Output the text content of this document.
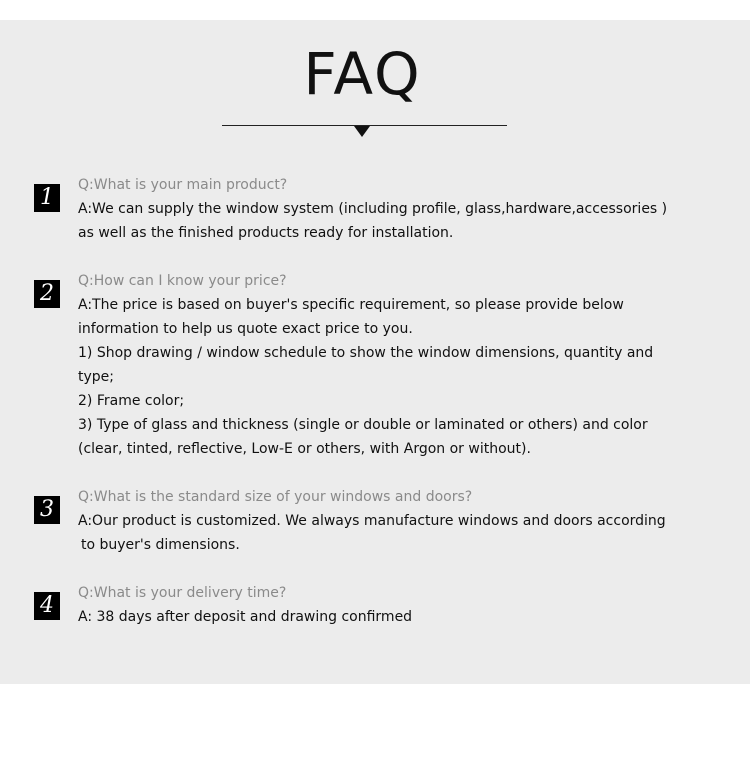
FAQ
1	Q:What is your main product?
A:We can supply the window system (including profile, glass,hardware,accessories )
as well as the finished products ready for installation.
2	Q:How can I know your price?
A:The price is based on buyer's specific requirement, so please provide below
information to help us quote exact price to you.
1) Shop drawing / window schedule to show the window dimensions, quantity and
type;
2) Frame color;
3) Type of glass and thickness (single or double or laminated or others) and color
(clear, tinted, reflective, Low-E or others, with Argon or without).
3	Q:What is the standard size of your windows and doors?
A:Our product is customized. We always manufacture windows and doors according
to buyer's dimensions.
4	Q:What is your delivery time?
A: 38 days after deposit and drawing confirmed
